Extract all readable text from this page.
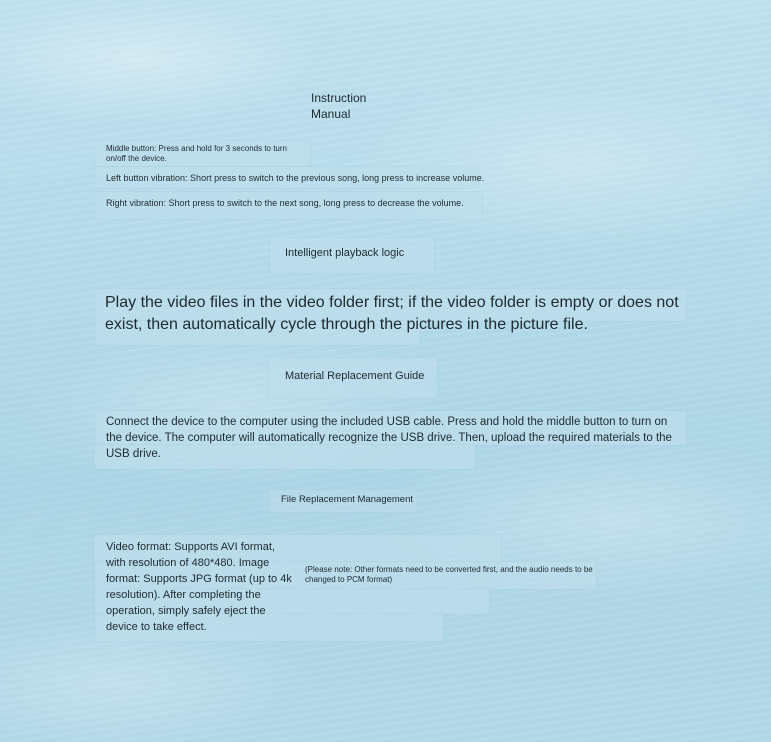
Instruction Manual
Middle button: Press and hold for 3 seconds to turn on/off the device.
Left button vibration: Short press to switch to the previous song, long press to increase volume.
Right vibration: Short press to switch to the next song, long press to decrease the volume.
Intelligent playback logic
Play the video files in the video folder first; if the video folder is empty or does not
exist, then automatically cycle through the pictures in the picture file.
Material Replacement Guide
Connect the device to the computer using the included USB cable. Press and hold the middle button to turn on
the device. The computer will automatically recognize the USB drive. Then, upload the required materials to the
USB drive.
File Replacement Management
Video format: Supports AVI format,
with resolution of 480*480. Image
format: Supports JPG format (up to 4k
resolution). After completing the
operation, simply safely eject the
device to take effect.
(Please note: Other formats need to be converted first, and the audio needs to be
changed to PCM format)
